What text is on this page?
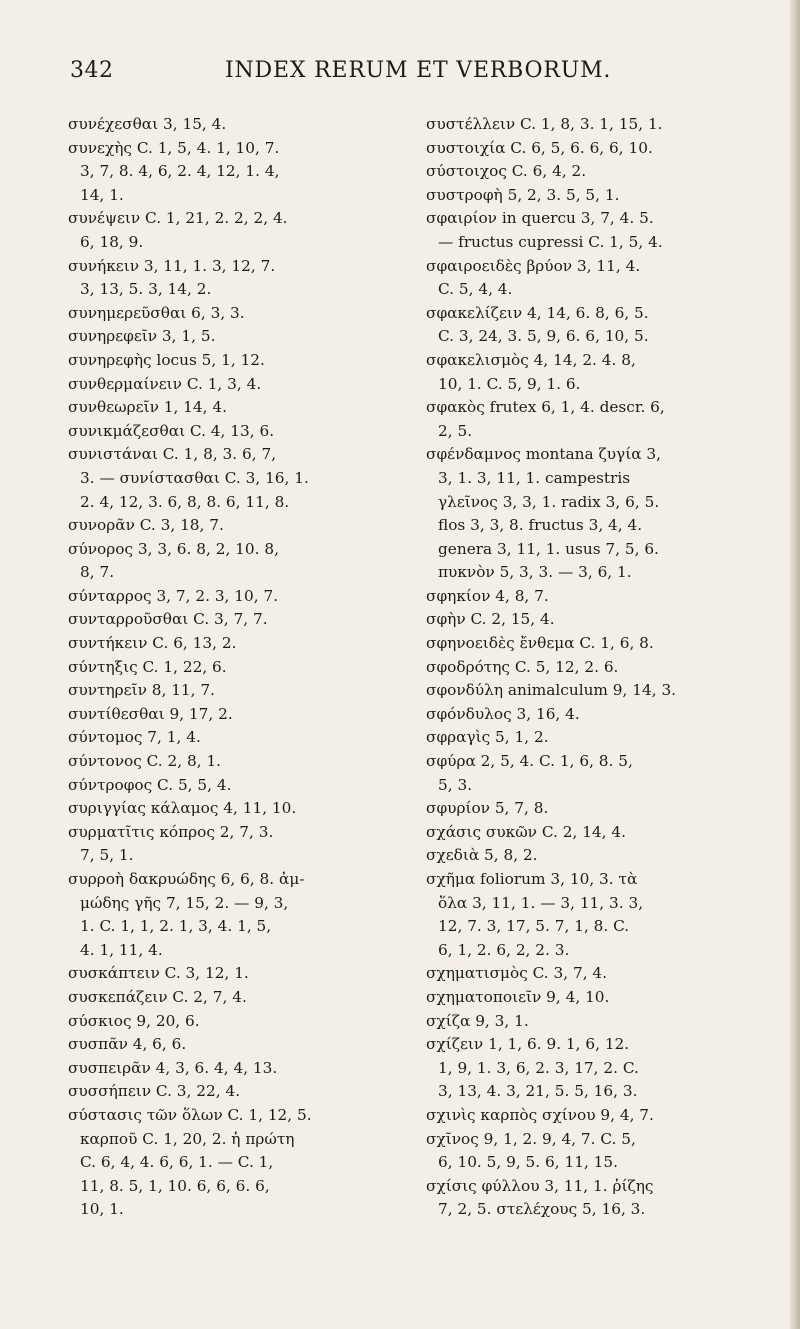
342	INDEX RERUM ET VERBORUM.
συνέχεσθαι 3, 15, 4.
συνεχὴς C. 1, 5, 4. 1, 10, 7.
3, 7, 8. 4, 6, 2. 4, 12, 1. 4,
14, 1.
συνέψειν C. 1, 21, 2. 2, 2, 4.
6, 18, 9.
συνήκειν 3, 11, 1. 3, 12, 7.
3, 13, 5. 3, 14, 2.
συνημερεῦσθαι 6, 3, 3.
συνηρεφεῖν 3, 1, 5.
συνηρεφὴς locus 5, 1, 12.
συνθερμαίνειν C. 1, 3, 4.
συνθεωρεῖν 1, 14, 4.
συνικμάζεσθαι C. 4, 13, 6.
συνιστάναι C. 1, 8, 3. 6, 7,
3. — συνίστασθαι C. 3, 16, 1.
2. 4, 12, 3. 6, 8, 8. 6, 11, 8.
συνορᾶν C. 3, 18, 7.
σύνορος 3, 3, 6. 8, 2, 10. 8,
8, 7.
σύνταρρος 3, 7, 2. 3, 10, 7.
συνταρροῦσθαι C. 3, 7, 7.
συντήκειν C. 6, 13, 2.
σύντηξις C. 1, 22, 6.
συντηρεῖν 8, 11, 7.
συντίθεσθαι 9, 17, 2.
σύντομος 7, 1, 4.
σύντονος C. 2, 8, 1.
σύντροφος C. 5, 5, 4.
συριγγίας κάλαμος 4, 11, 10.
συρματῖτις κόπρος 2, 7, 3.
7, 5, 1.
συρροὴ δακρυώδης 6, 6, 8. ἀμ-
μώδης γῆς 7, 15, 2. — 9, 3,
1. C. 1, 1, 2. 1, 3, 4. 1, 5,
4. 1, 11, 4.
συσκάπτειν C. 3, 12, 1.
συσκεπάζειν C. 2, 7, 4.
σύσκιος 9, 20, 6.
συσπᾶν 4, 6, 6.
συσπειρᾶν 4, 3, 6. 4, 4, 13.
συσσήπειν C. 3, 22, 4.
σύστασις τῶν ὅλων C. 1, 12, 5.
καρποῦ C. 1, 20, 2. ἡ πρώτη
C. 6, 4, 4. 6, 6, 1. — C. 1,
11, 8. 5, 1, 10. 6, 6, 6. 6,
10, 1.
συστέλλειν C. 1, 8, 3. 1, 15, 1.
συστοιχία C. 6, 5, 6. 6, 6, 10.
σύστοιχος C. 6, 4, 2.
συστροφὴ 5, 2, 3. 5, 5, 1.
σφαιρίον in quercu 3, 7, 4. 5.
— fructus cupressi C. 1, 5, 4.
σφαιροειδὲς βρύον 3, 11, 4.
C. 5, 4, 4.
σφακελίζειν 4, 14, 6. 8, 6, 5.
C. 3, 24, 3. 5, 9, 6. 6, 10, 5.
σφακελισμὸς 4, 14, 2. 4. 8,
10, 1. C. 5, 9, 1. 6.
σφακὸς frutex 6, 1, 4. descr. 6,
2, 5.
σφένδαμνος montana ζυγία 3,
3, 1. 3, 11, 1. campestris
γλεῖνος 3, 3, 1. radix 3, 6, 5.
flos 3, 3, 8. fructus 3, 4, 4.
genera 3, 11, 1. usus 7, 5, 6.
πυκνὸν 5, 3, 3. — 3, 6, 1.
σφηκίον 4, 8, 7.
σφὴν C. 2, 15, 4.
σφηνοειδὲς ἔνθεμα C. 1, 6, 8.
σφοδρότης C. 5, 12, 2. 6.
σφονδύλη animalculum 9, 14, 3.
σφόνδυλος 3, 16, 4.
σφραγὶς 5, 1, 2.
σφύρα 2, 5, 4. C. 1, 6, 8. 5,
5, 3.
σφυρίον 5, 7, 8.
σχάσις συκῶν C. 2, 14, 4.
σχεδιὰ 5, 8, 2.
σχῆμα foliorum 3, 10, 3. τὰ
ὅλα 3, 11, 1. — 3, 11, 3. 3,
12, 7. 3, 17, 5. 7, 1, 8. C.
6, 1, 2. 6, 2, 2. 3.
σχηματισμὸς C. 3, 7, 4.
σχηματοποιεῖν 9, 4, 10.
σχίζα 9, 3, 1.
σχίζειν 1, 1, 6. 9. 1, 6, 12.
1, 9, 1. 3, 6, 2. 3, 17, 2. C.
3, 13, 4. 3, 21, 5. 5, 16, 3.
σχινὶς καρπὸς σχίνου 9, 4, 7.
σχῖνος 9, 1, 2. 9, 4, 7. C. 5,
6, 10. 5, 9, 5. 6, 11, 15.
σχίσις φύλλου 3, 11, 1. ῥίζης
7, 2, 5. στελέχους 5, 16, 3.
